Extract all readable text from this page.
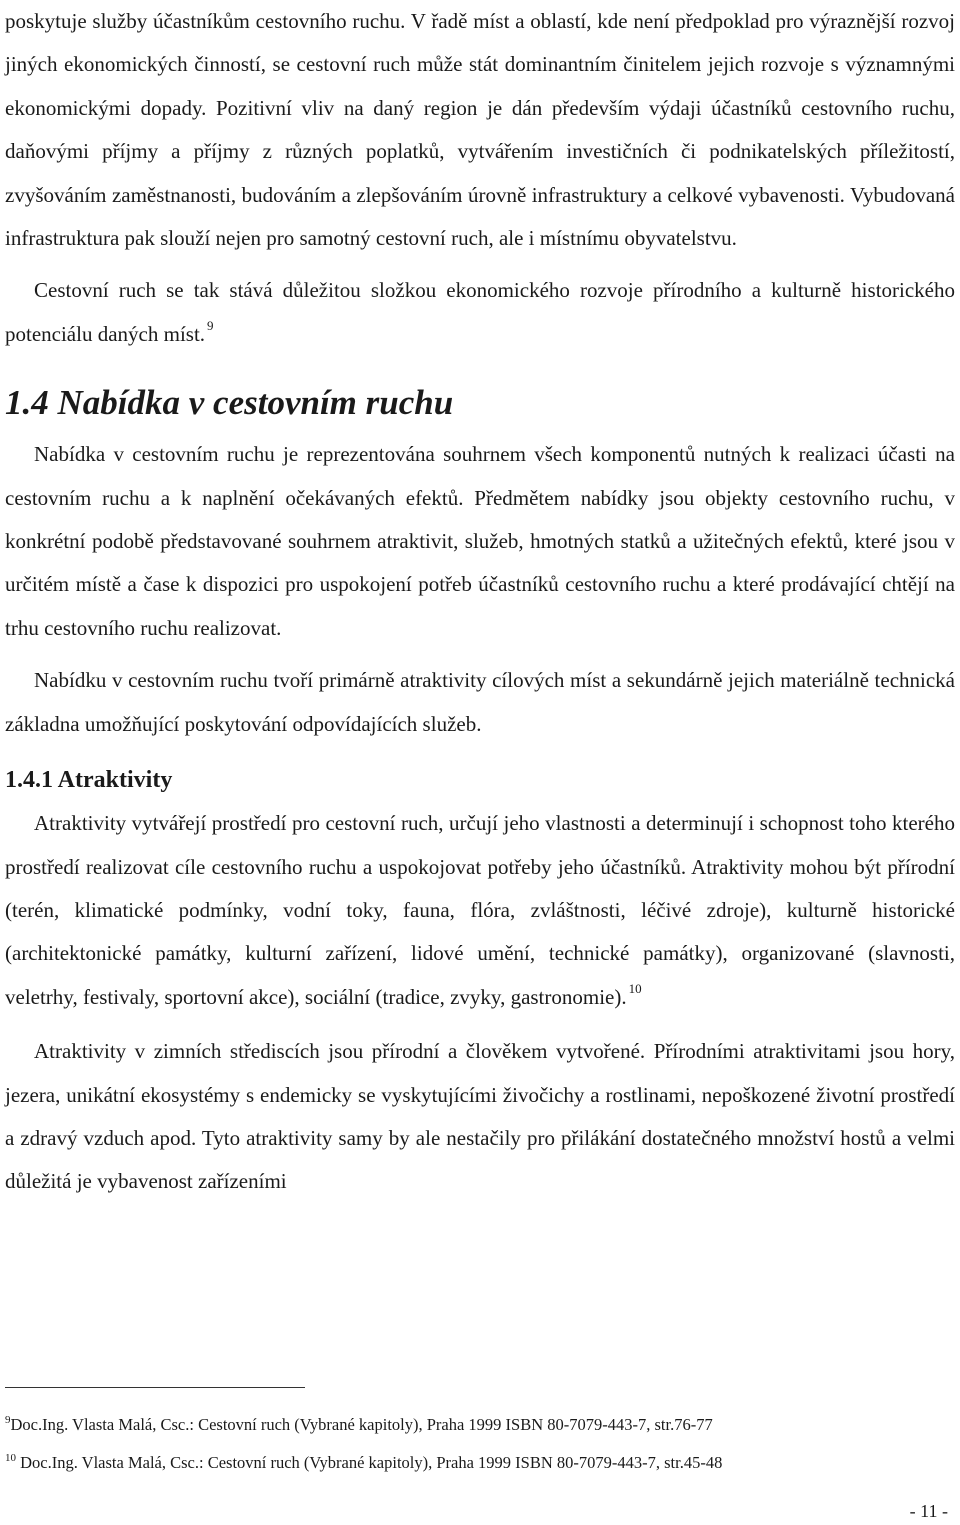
poskytuje služby účastníkům cestovního ruchu. V řadě míst a oblastí, kde není předpoklad pro výraznější rozvoj jiných ekonomických činností, se cestovní ruch může stát dominantním činitelem jejich rozvoje s významnými ekonomickými dopady. Pozitivní vliv na daný region je dán především výdaji účastníků cestovního ruchu, daňovými příjmy a příjmy z různých poplatků, vytvářením investičních či podnikatelských příležitostí, zvyšováním zaměstnanosti, budováním a zlepšováním úrovně infrastruktury a celkové vybavenosti. Vybudovaná infrastruktura pak slouží nejen pro samotný cestovní ruch, ale i místnímu obyvatelstvu.

Cestovní ruch se tak stává důležitou složkou ekonomického rozvoje přírodního a kulturně historického potenciálu daných míst. $^9$

1.4 Nabídka v cestovním ruchu

Nabídka v cestovním ruchu je reprezentována souhrnem všech komponentů nutných k realizaci účasti na cestovním ruchu a k naplnění očekávaných efektů. Předmětem nabídky jsou objekty cestovního ruchu, v konkrétní podobě představované souhrnem atraktivit, služeb, hmotných statků a užitečných efektů, které jsou v určitém místě a čase k dispozici pro uspokojení potřeb účastníků cestovního ruchu a které prodávající chtějí na trhu cestovního ruchu realizovat.

Nabídku v cestovním ruchu tvoří primárně atraktivity cílových míst a sekundárně jejich materiálně technická základna umožňující poskytování odpovídajících služeb.

1.4.1 Atraktivity

Atraktivity vytvářejí prostředí pro cestovní ruch, určují jeho vlastnosti a determinují i schopnost toho kterého prostředí realizovat cíle cestovního ruchu a uspokojovat potřeby jeho účastníků. Atraktivity mohou být přírodní (terén, klimatické podmínky, vodní toky, fauna, flóra, zvláštnosti, léčivé zdroje), kulturně historické (architektonické památky, kulturní zařízení, lidové umění, technické památky), organizované (slavnosti, veletrhy, festivaly, sportovní akce), sociální (tradice, zvyky, gastronomie). $^{10}$

Atraktivity v zimních střediscích jsou přírodní a člověkem vytvořené. Přírodními atraktivitami jsou hory, jezera, unikátní ekosystémy s endemicky se vyskytujícími živočichy a rostlinami, nepoškozené životní prostředí a zdravý vzduch apod. Tyto atraktivity samy by ale nestačily pro přilákání dostatečného množství hostů a velmi důležitá je vybavenost zařízeními

$^9$Doc.Ing. Vlasta Malá, Csc.: Cestovní ruch (Vybrané kapitoly), Praha 1999 ISBN 80-7079-443-7, str.76-77
$^{10}$ Doc.Ing. Vlasta Malá, Csc.: Cestovní ruch (Vybrané kapitoly), Praha 1999 ISBN 80-7079-443-7, str.45-48
- 11 -
